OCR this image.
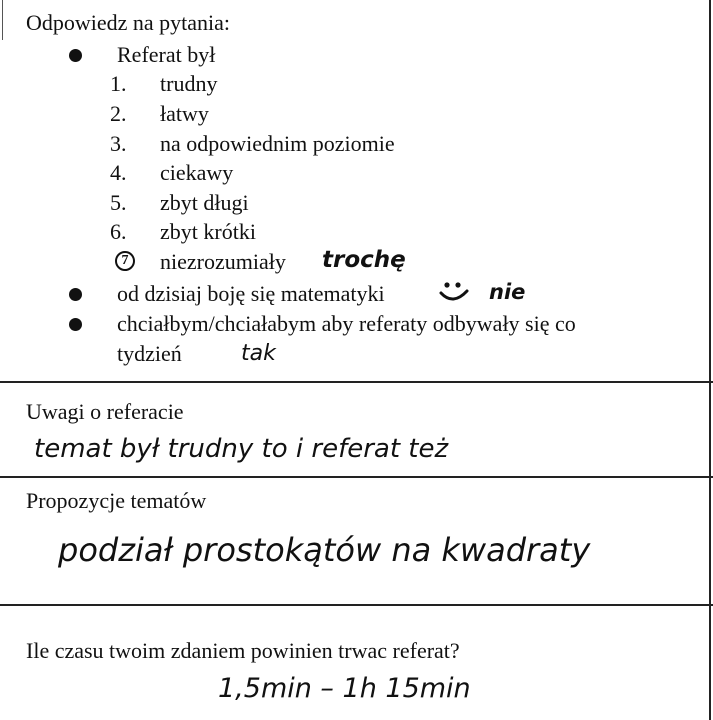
Odpowiedz na pytania:
Referat był
1.	trudny
2.	łatwy
3.	na odpowiednim poziomie
4.	ciekawy
5.	zbyt długi
6.	zbyt krótki
7 niezrozumiały trochę
od dzisiaj boję się matematyki	nie
chciałbym/chciałabym aby referaty odbywały się co
tydzień	tak
Uwagi o referacie
temat był trudny to i referat też
Propozycje tematów
podział prostokątów na kwadraty
Ile czasu twoim zdaniem powinien trwac referat?
1,5min – 1h 15min
